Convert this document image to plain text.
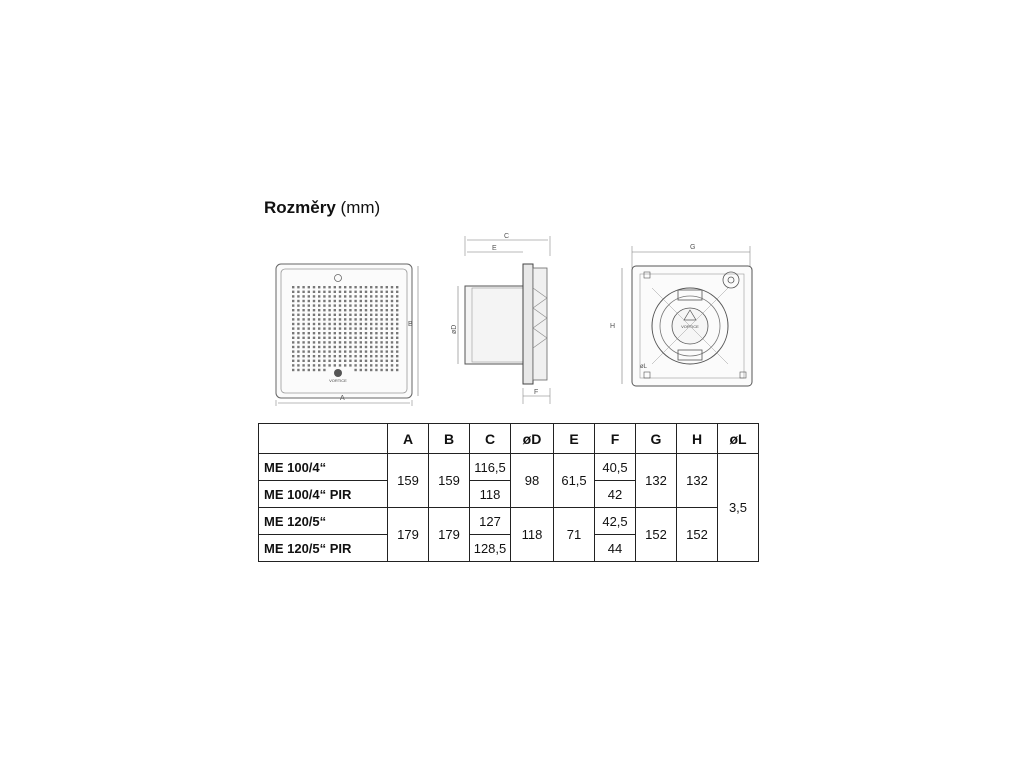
Rozměry (mm)
VORTICE
A
B
C
E
øD
F
G
VORTICE
H
øL
	A	B	C	øD	E	F	G	H	øL
ME 100/4“	159	159	116,5	98	61,5	40,5	132	132	3,5
ME 100/4“ PIR			118			42			
ME 120/5“	179	179	127	118	71	42,5	152	152	
ME 120/5“ PIR			128,5			44			
